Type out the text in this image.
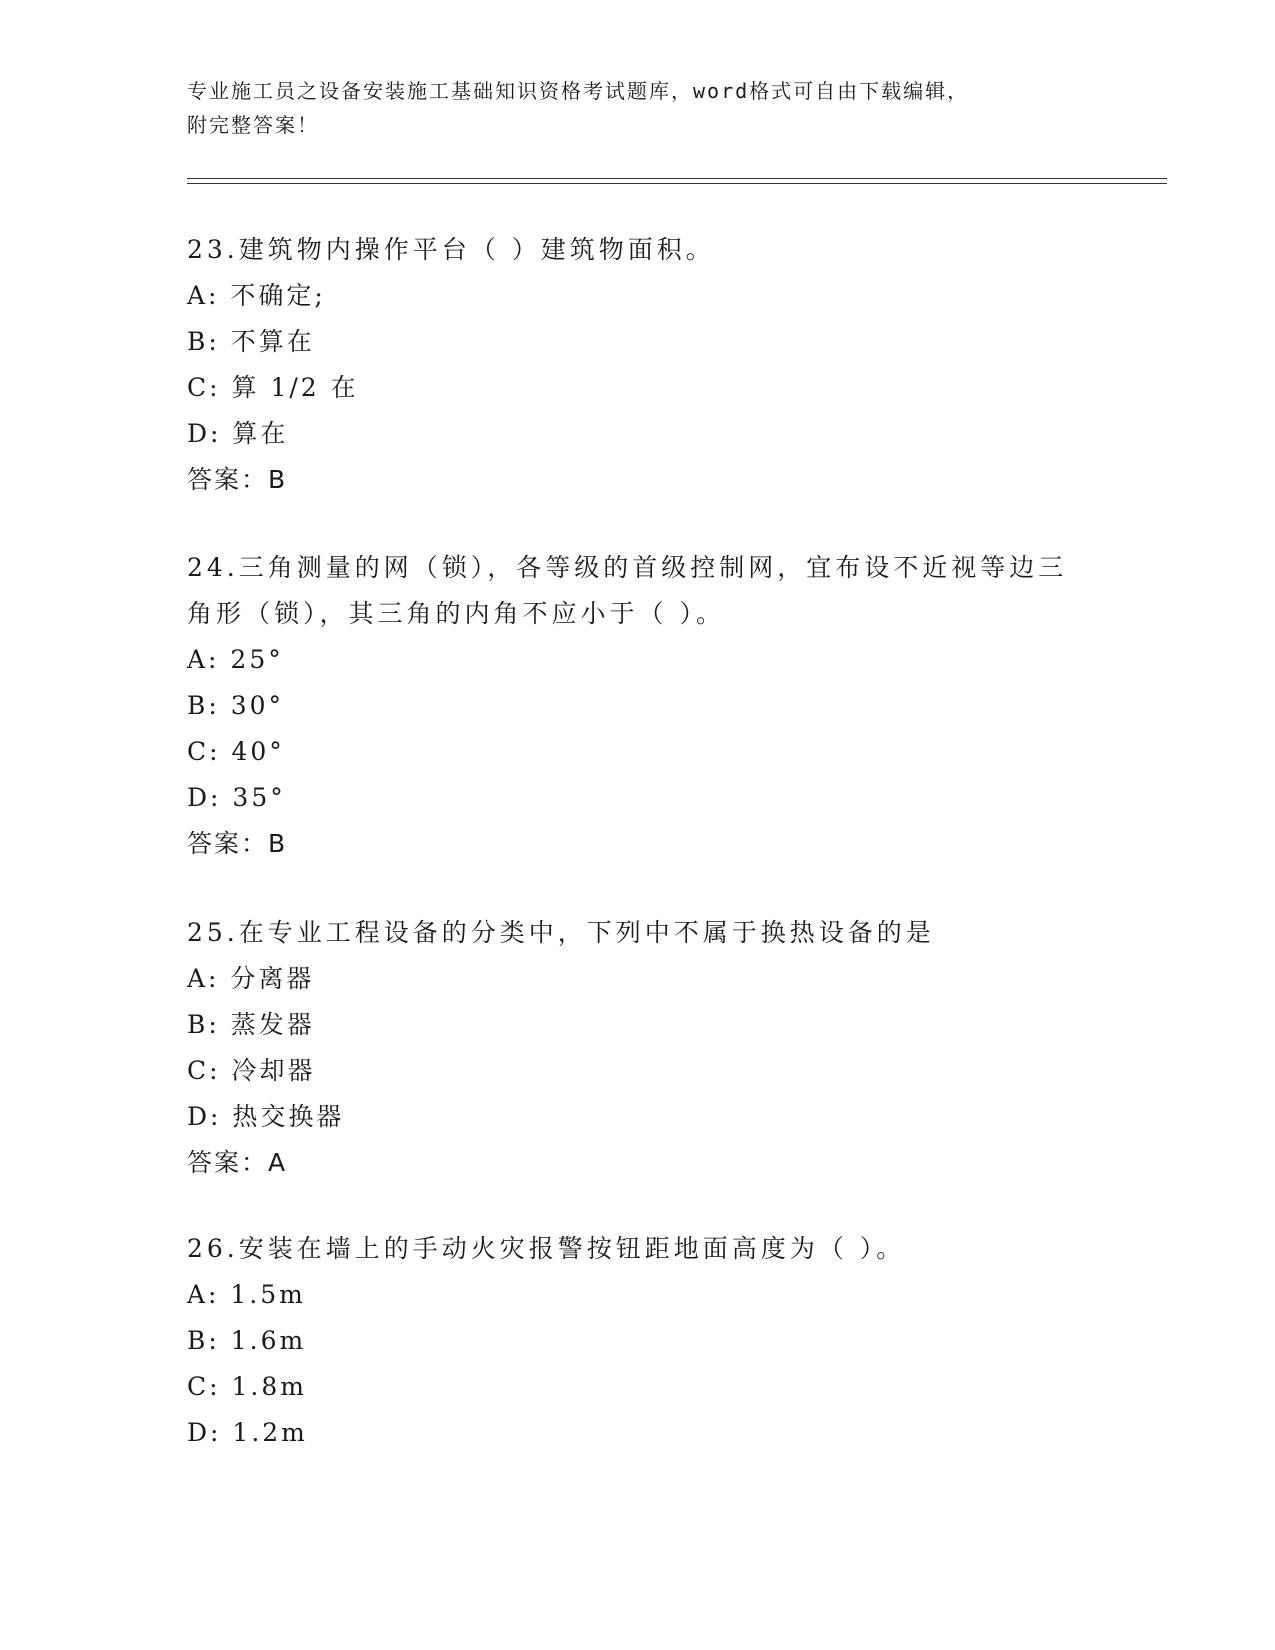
专业施工员之设备安装施工基础知识资格考试题库，word格式可自由下载编辑，
附完整答案！
23.建筑物内操作平台（ ）建筑物面积。
A: 不确定;
B: 不算在
C: 算 1/2 在
D: 算在
答案：B
24.三角测量的网（锁），各等级的首级控制网，宜布设不近视等边三
角形（锁），其三角的内角不应小于（ ）。
A: 25°
B: 30°
C: 40°
D: 35°
答案：B
25.在专业工程设备的分类中，下列中不属于换热设备的是
A: 分离器
B: 蒸发器
C: 冷却器
D: 热交换器
答案：A
26.安装在墙上的手动火灾报警按钮距地面高度为（ ）。
A: 1.5m
B: 1.6m
C: 1.8m
D: 1.2m
